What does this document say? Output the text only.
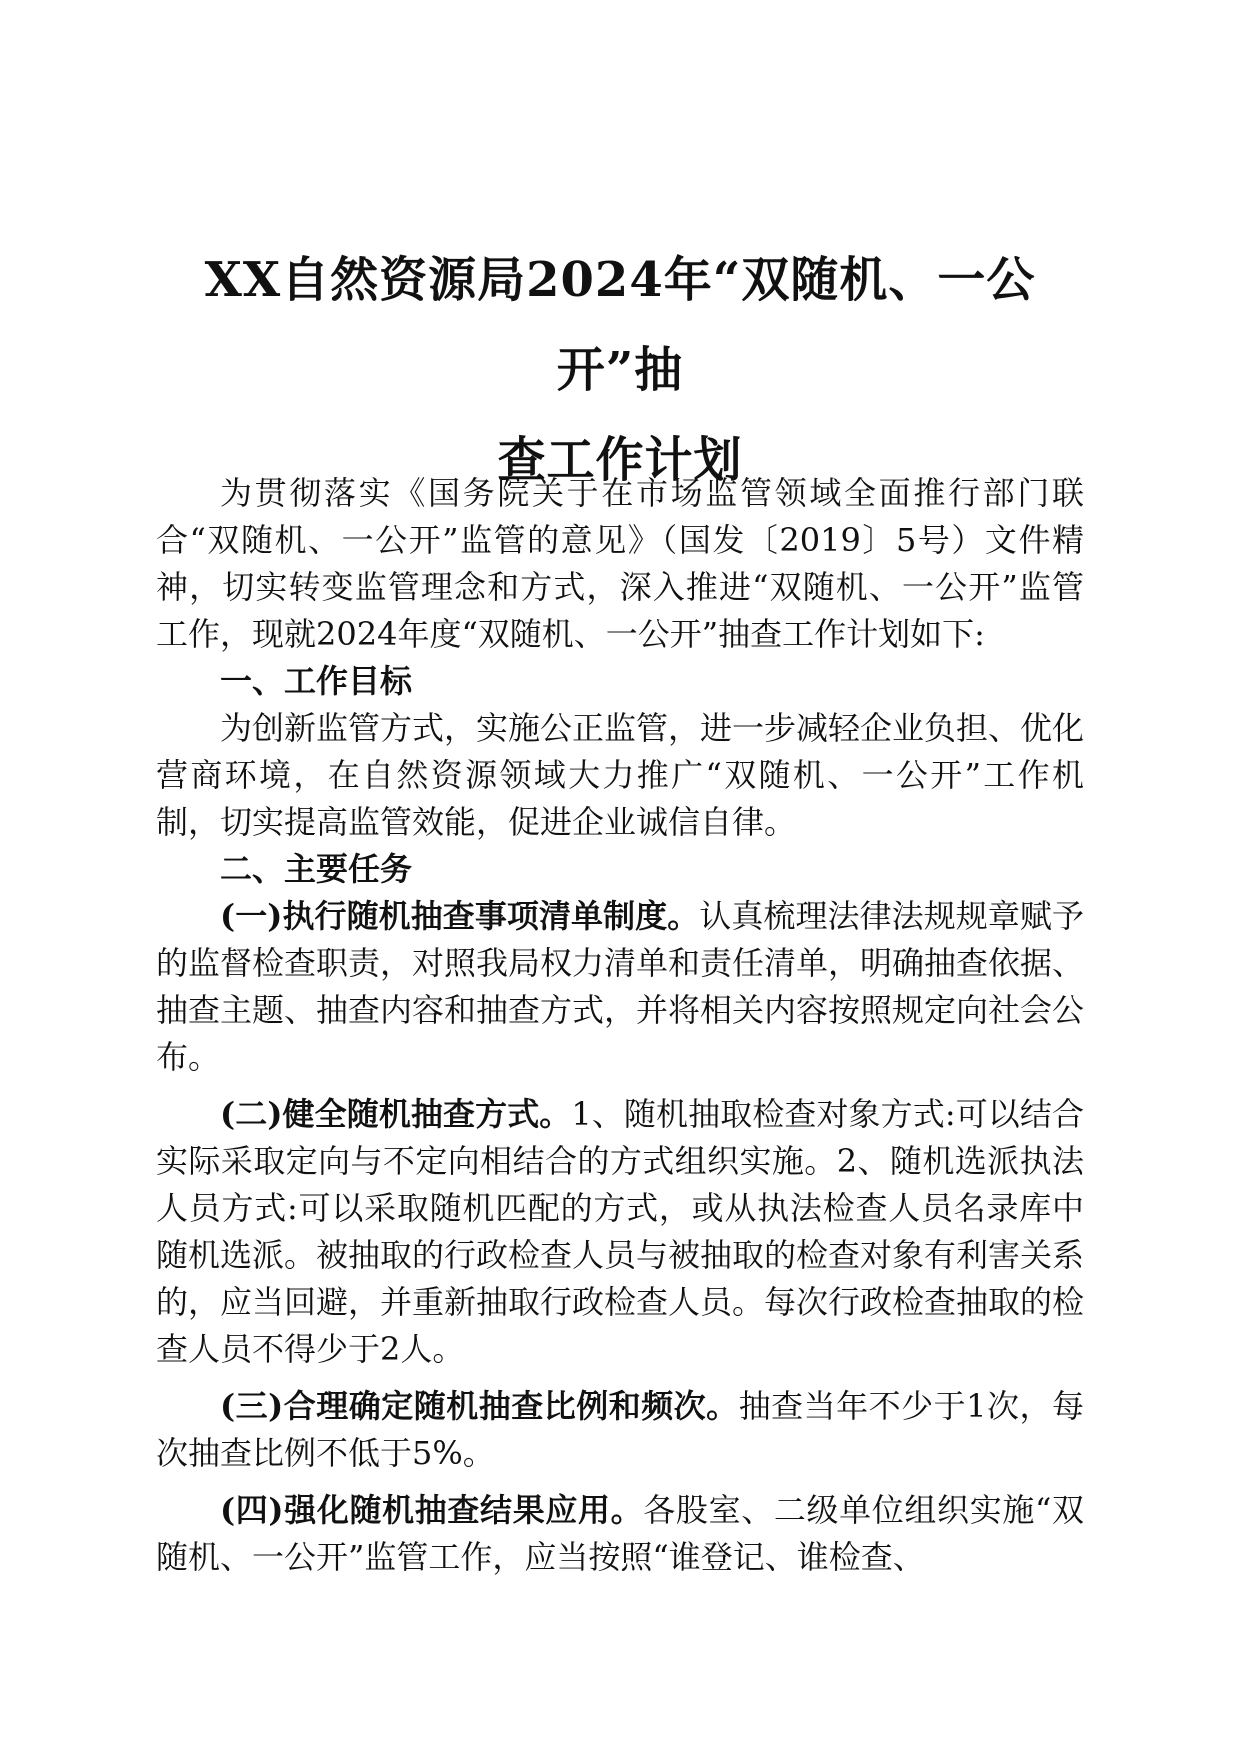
XX自然资源局2024年“双随机、一公开”抽
查工作计划

为贯彻落实《国务院关于在市场监管领域全面推行部门联合“双随机、一公开”监管的意见》（国发〔2019〕5号）文件精神，切实转变监管理念和方式，深入推进“双随机、一公开”监管工作，现就2024年度“双随机、一公开”抽查工作计划如下:

一、工作目标

为创新监管方式，实施公正监管，进一步减轻企业负担、优化营商环境，在自然资源领域大力推广“双随机、一公开”工作机制，切实提高监管效能，促进企业诚信自律。

二、主要任务

(一)执行随机抽查事项清单制度。认真梳理法律法规规章赋予的监督检查职责，对照我局权力清单和责任清单，明确抽查依据、抽查主题、抽查内容和抽查方式，并将相关内容按照规定向社会公布。

(二)健全随机抽查方式。1、随机抽取检查对象方式:可以结合实际采取定向与不定向相结合的方式组织实施。2、随机选派执法人员方式:可以采取随机匹配的方式，或从执法检查人员名录库中随机选派。被抽取的行政检查人员与被抽取的检查对象有利害关系的，应当回避，并重新抽取行政检查人员。每次行政检查抽取的检查人员不得少于2人。

(三)合理确定随机抽查比例和频次。抽查当年不少于1次，每次抽查比例不低于5%。

(四)强化随机抽查结果应用。各股室、二级单位组织实施“双随机、一公开”监管工作，应当按照“谁登记、谁检查、
